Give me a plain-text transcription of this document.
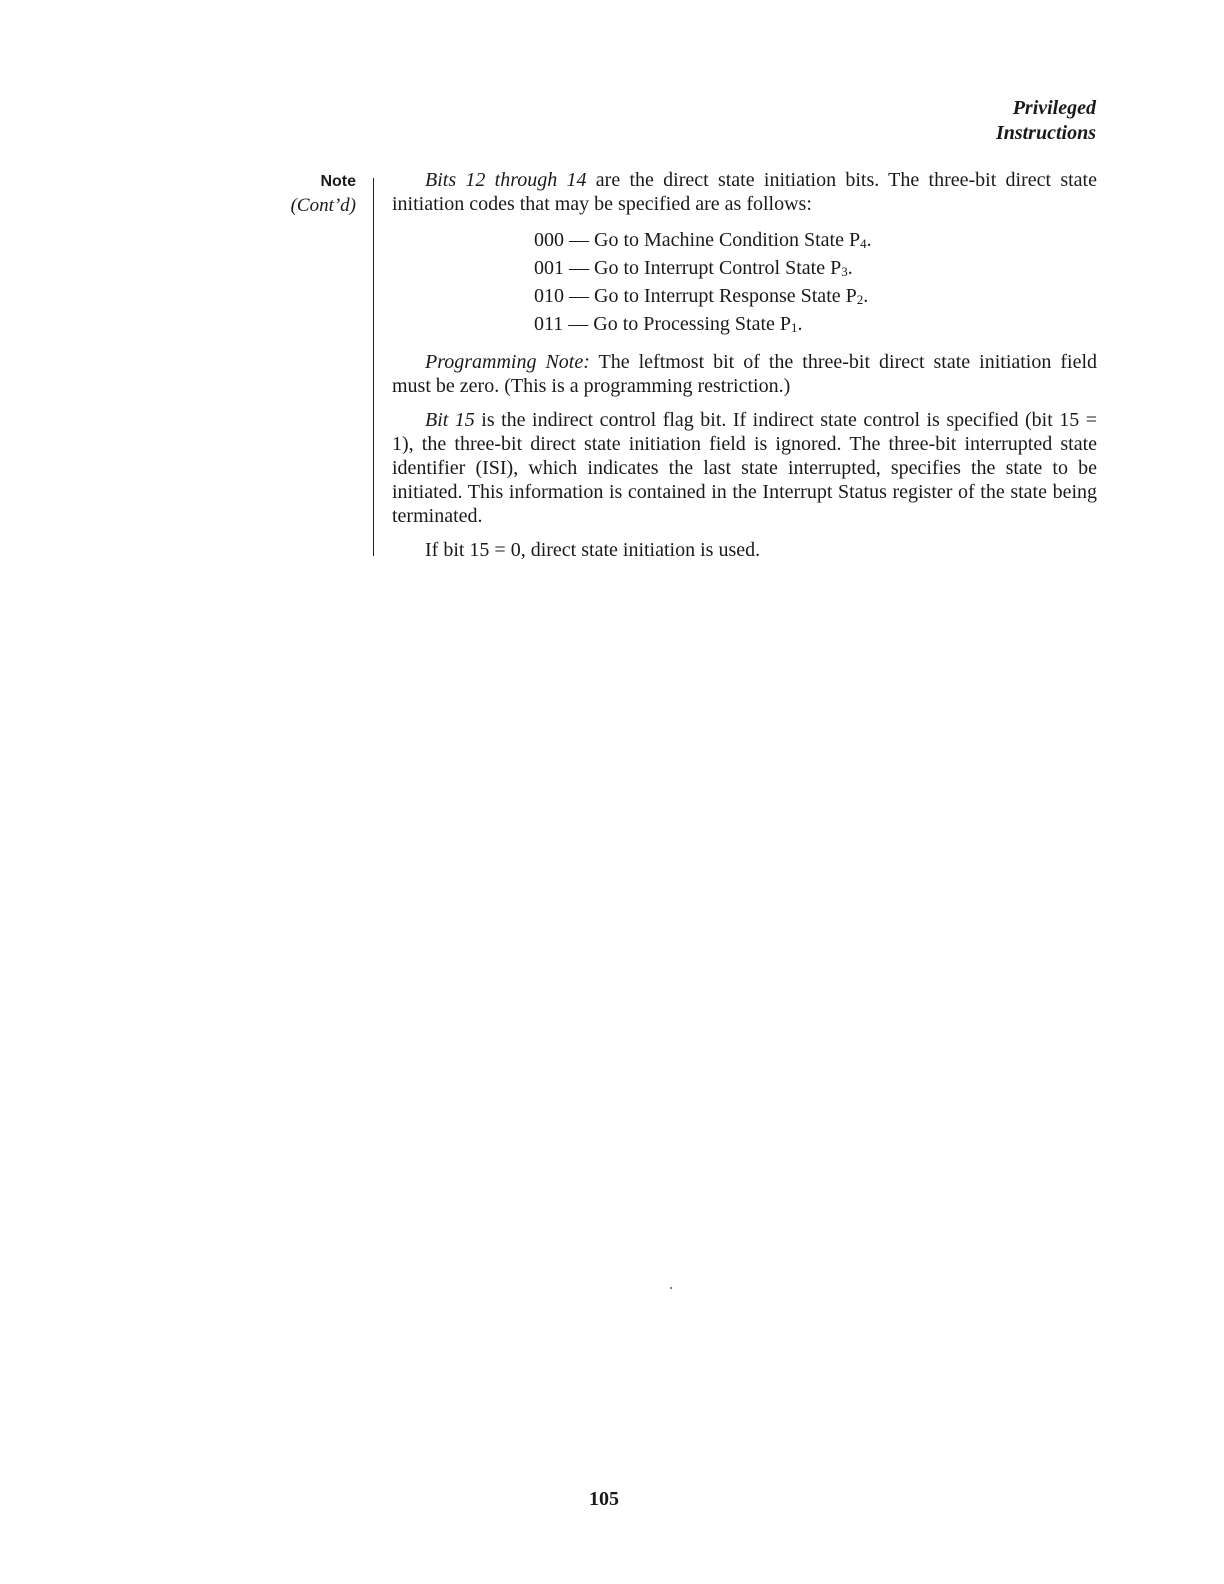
Privileged
Instructions
Note
(Cont’d)

Bits 12 through 14 are the direct state initiation bits. The three-bit direct state initiation codes that may be specified are as follows:

000 — Go to Machine Condition State $P_4$.
001 — Go to Interrupt Control State $P_3$.
010 — Go to Interrupt Response State $P_2$.
011 — Go to Processing State $P_1$.

Programming Note: The leftmost bit of the three-bit direct state initiation field must be zero. (This is a programming restriction.)

Bit 15 is the indirect control flag bit. If indirect state control is specified (bit 15 = 1), the three-bit direct state initiation field is ignored. The three-bit interrupted state identifier (ISI), which indicates the last state interrupted, specifies the state to be initiated. This information is contained in the Interrupt Status register of the state being terminated.

If bit 15 = 0, direct state initiation is used.

105
